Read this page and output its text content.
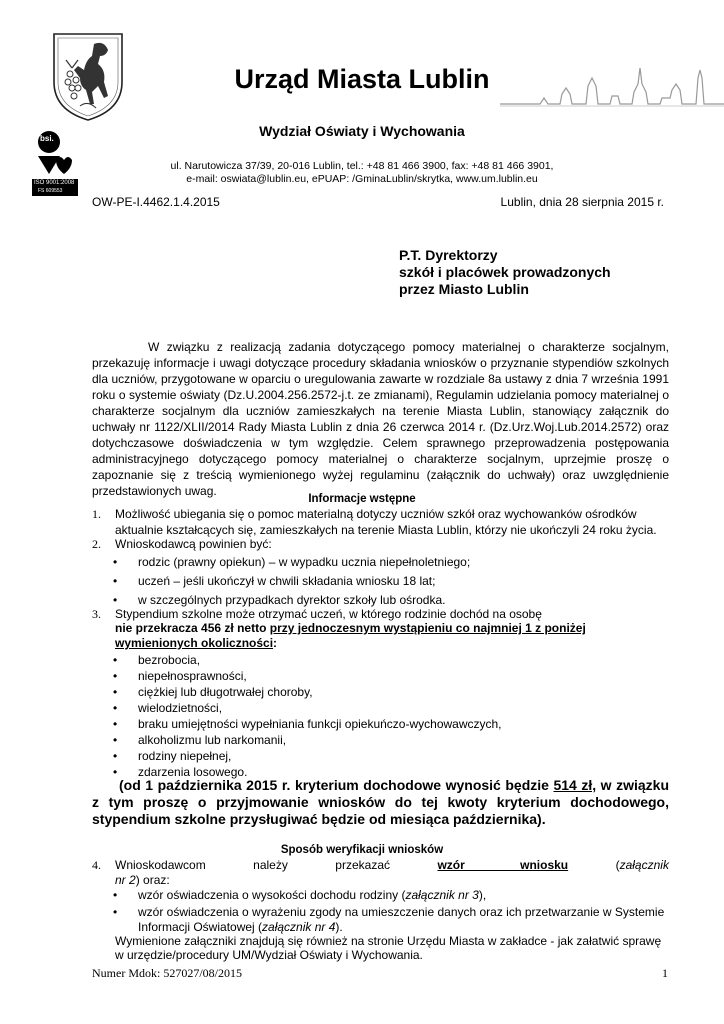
bsi.
ISO 9001:2008
FS 609553
Urząd Miasta Lublin
Wydział Oświaty i Wychowania
ul. Narutowicza 37/39, 20-016 Lublin, tel.: +48 81 466 3900, fax: +48 81 466 3901,
e-mail: oswiata@lublin.eu, ePUAP: /GminaLublin/skrytka, www.um.lublin.eu
OW-PE-I.4462.1.4.2015	Lublin, dnia 28 sierpnia 2015 r.
P.T. Dyrektorzy
szkół i placówek prowadzonych
przez Miasto Lublin

W związku z realizacją zadania dotyczącego pomocy materialnej o charakterze socjalnym, przekazuję informacje i uwagi dotyczące procedury składania wniosków o przyznanie stypendiów szkolnych dla uczniów, przygotowane w oparciu o uregulowania zawarte w rozdziale 8a ustawy z dnia 7 września 1991 roku o systemie oświaty (Dz.U.2004.256.2572-j.t. ze zmianami), Regulamin udzielania pomocy materialnej o charakterze socjalnym dla uczniów zamieszkałych na terenie Miasta Lublin, stanowiący załącznik do uchwały nr 1122/XLII/2014 Rady Miasta Lublin z dnia 26 czerwca 2014 r. (Dz.Urz.Woj.Lub.2014.2572) oraz dotychczasowe doświadczenia w tym względzie. Celem sprawnego przeprowadzenia postępowania administracyjnego dotyczącego pomocy materialnej o charakterze socjalnym, uprzejmie proszę o zapoznanie się z treścią wymienionego wyżej regulaminu (załącznik do uchwały) oraz uwzględnienie przedstawionych uwag.

Informacje wstępne
1. Możliwość ubiegania się o pomoc materialną dotyczy uczniów szkół oraz wychowanków ośrodków
aktualnie kształcących się, zamieszkałych na terenie Miasta Lublin, którzy nie ukończyli 24 roku życia.
2. Wnioskodawcą powinien być:
• rodzic (prawny opiekun) – w wypadku ucznia niepełnoletniego;
• uczeń – jeśli ukończył w chwili składania wniosku 18 lat;
• w szczególnych przypadkach dyrektor szkoły lub ośrodka.
3. Stypendium szkolne może otrzymać uczeń, w którego rodzinie dochód na osobę
nie przekracza 456 zł netto przy jednoczesnym wystąpieniu co najmniej 1 z poniżej
wymienionych okoliczności:
• bezrobocia,
• niepełnosprawności,
• ciężkiej lub długotrwałej choroby,
• wielodzietności,
• braku umiejętności wypełniania funkcji opiekuńczo-wychowawczych,
• alkoholizmu lub narkomanii,
• rodziny niepełnej,
• zdarzenia losowego.

(od 1 października 2015 r. kryterium dochodowe wynosić będzie 514 zł, w związku z tym proszę o przyjmowanie wniosków do tej kwoty kryterium dochodowego, stypendium szkolne przysługiwać będzie od miesiąca października).

Sposób weryfikacji wniosków
4. Wnioskodawcom	należy	przekazać	wzór wniosku	(załącznik
nr 2) oraz:
• wzór oświadczenia o wysokości dochodu rodziny (załącznik nr 3),
• wzór oświadczenia o wyrażeniu zgody na umieszczenie danych oraz ich przetwarzanie w Systemie
Informacji Oświatowej (załącznik nr 4).
Wymienione załączniki znajdują się również na stronie Urzędu Miasta w zakładce - jak załatwić sprawę
w urzędzie/procedury UM/Wydział Oświaty i Wychowania.
Numer Mdok: 527027/08/2015	1
